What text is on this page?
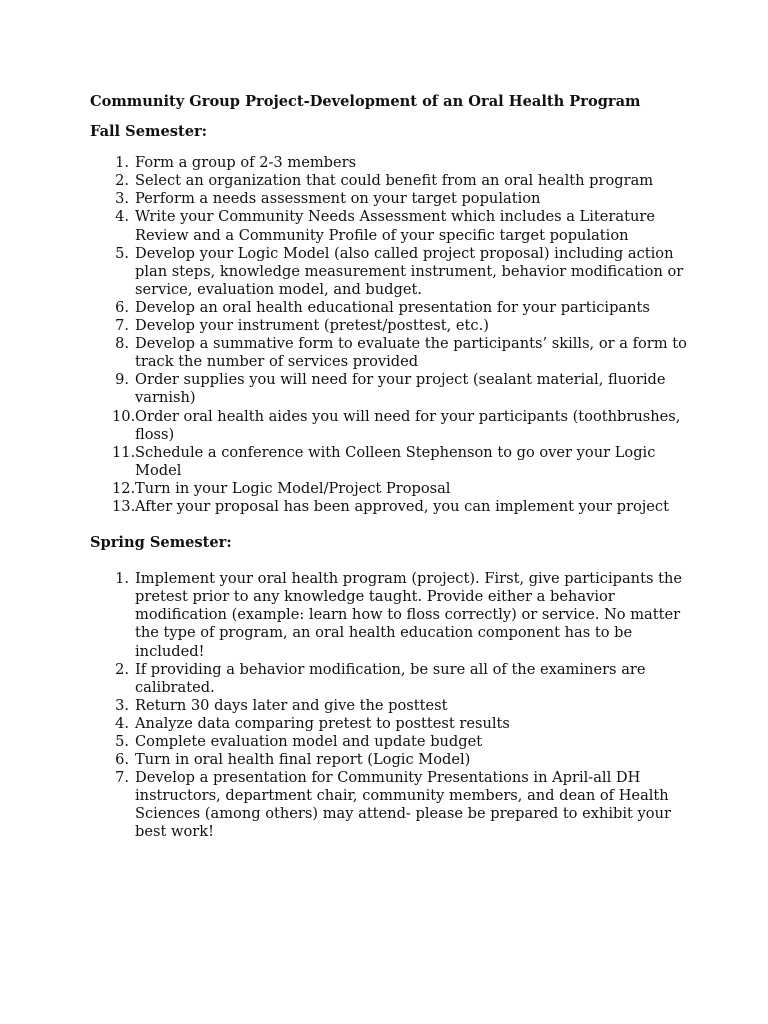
Community Group Project-Development of an Oral Health Program

Fall Semester:

1. Form a group of 2-3 members
2. Select an organization that could benefit from an oral health program
3. Perform a needs assessment on your target population
4. Write your Community Needs Assessment which includes a Literature Review and a Community Profile of your specific target population
5. Develop your Logic Model (also called project proposal) including action plan steps, knowledge measurement instrument, behavior modification or service, evaluation model, and budget.
6. Develop an oral health educational presentation for your participants
7. Develop your instrument (pretest/posttest, etc.)
8. Develop a summative form to evaluate the participants’ skills, or a form to track the number of services provided
9. Order supplies you will need for your project (sealant material, fluoride varnish)
10. Order oral health aides you will need for your participants (toothbrushes, floss)
11. Schedule a conference with Colleen Stephenson to go over your Logic Model
12. Turn in your Logic Model/Project Proposal
13. After your proposal has been approved, you can implement your project

Spring Semester:

1. Implement your oral health program (project). First, give participants the pretest prior to any knowledge taught. Provide either a behavior modification (example: learn how to floss correctly) or service. No matter the type of program, an oral health education component has to be included!
2. If providing a behavior modification, be sure all of the examiners are calibrated.
3. Return 30 days later and give the posttest
4. Analyze data comparing pretest to posttest results
5. Complete evaluation model and update budget
6. Turn in oral health final report (Logic Model)
7. Develop a presentation for Community Presentations in April-all DH instructors, department chair, community members, and dean of Health Sciences (among others) may attend- please be prepared to exhibit your best work!
